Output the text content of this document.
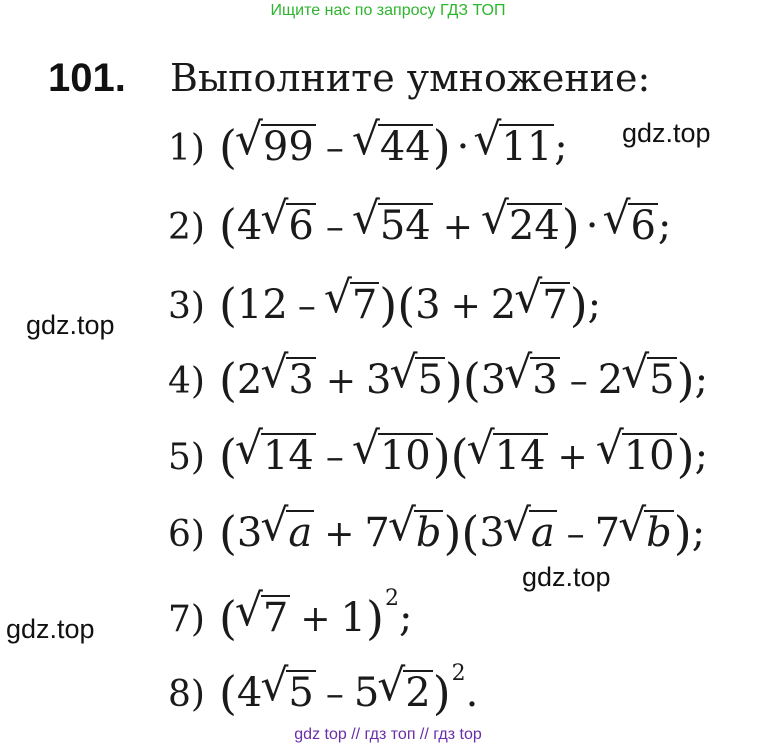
Ищите нас по запросу ГДЗ ТОП
101. Выполните умножение:
1) ( √ 99 – √ 44) · √ 11;
2) (4 √ 6 – √ 54 + √ 24) · √ 6;
3) (12 – √ 7)(3 + 2 √ 7);
4) (2 √ 3 + 3 √ 5)(3 √ 3 – 2 √ 5);
5) ( √ 14 – √ 10)( √ 14 + √ 10);
6) (3 √ a + 7 √ b)(3 √ a – 7 √ b);
7) ( √ 7 + 1)$^2$;
8) (4 √ 5 – 5 √ 2)$^2$.
gdz.top
gdz.top
gdz.top
gdz.top
gdz top // гдз топ // гдз top
